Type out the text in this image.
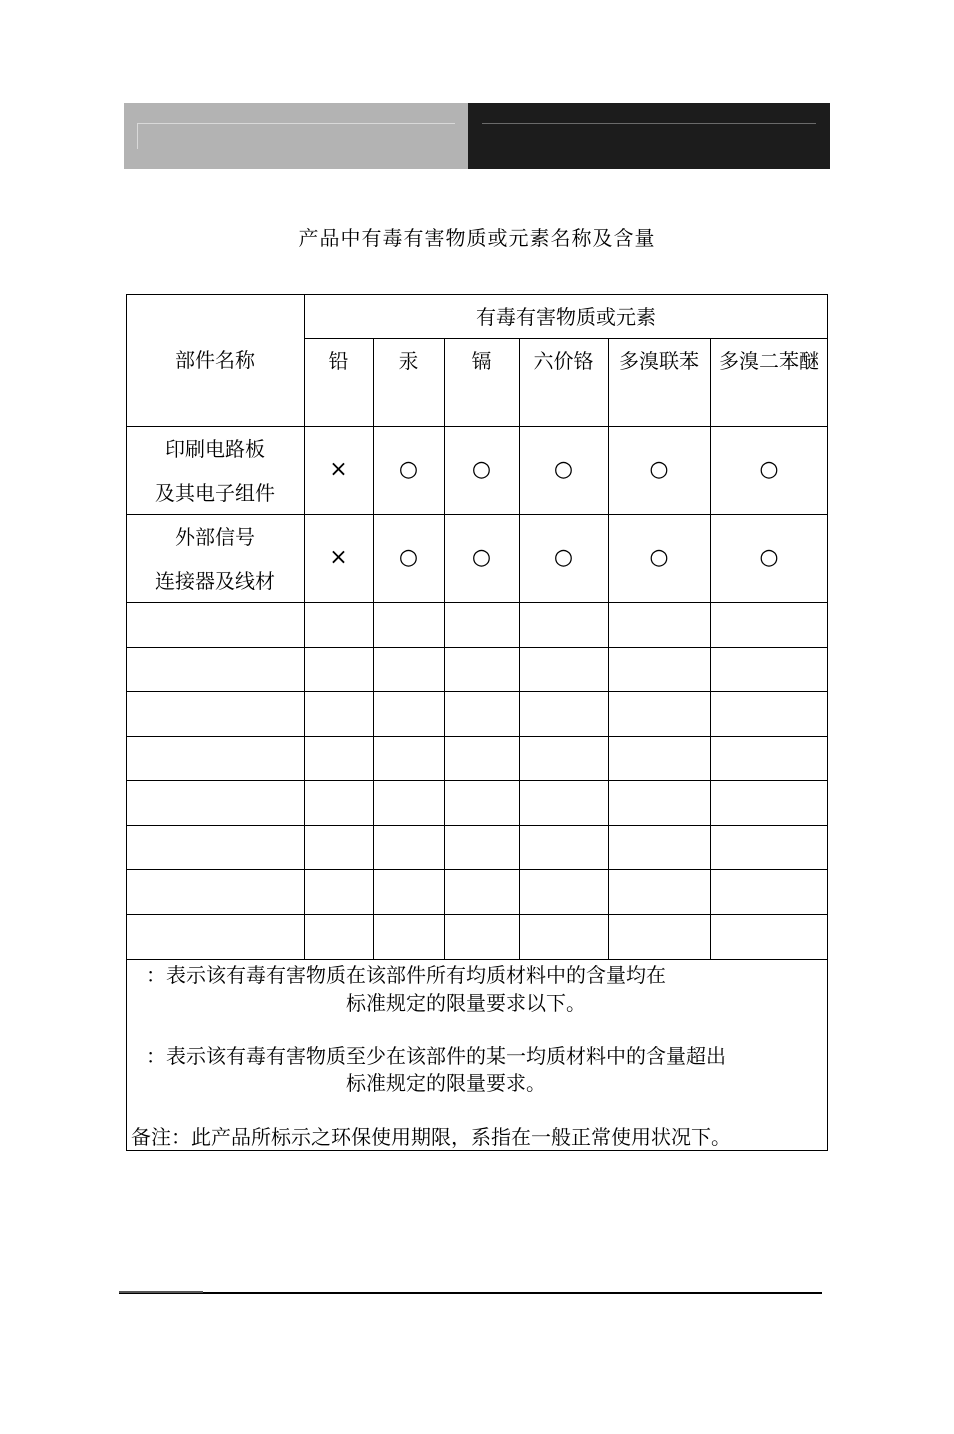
产品中有毒有害物质或元素名称及含量
部件名称
有毒有害物质或元素
铅	汞	镉	六价铬	多溴联苯	多溴二苯醚
印刷电路板
及其电子组件
×	○	○	○	○	○
外部信号
连接器及线材
×	○	○	○	○	○
：表示该有毒有害物质在该部件所有均质材料中的含量均在
标准规定的限量要求以下。
：表示该有毒有害物质至少在该部件的某一均质材料中的含量超出
标准规定的限量要求。
备注：此产品所标示之环保使用期限，系指在一般正常使用状况下。
